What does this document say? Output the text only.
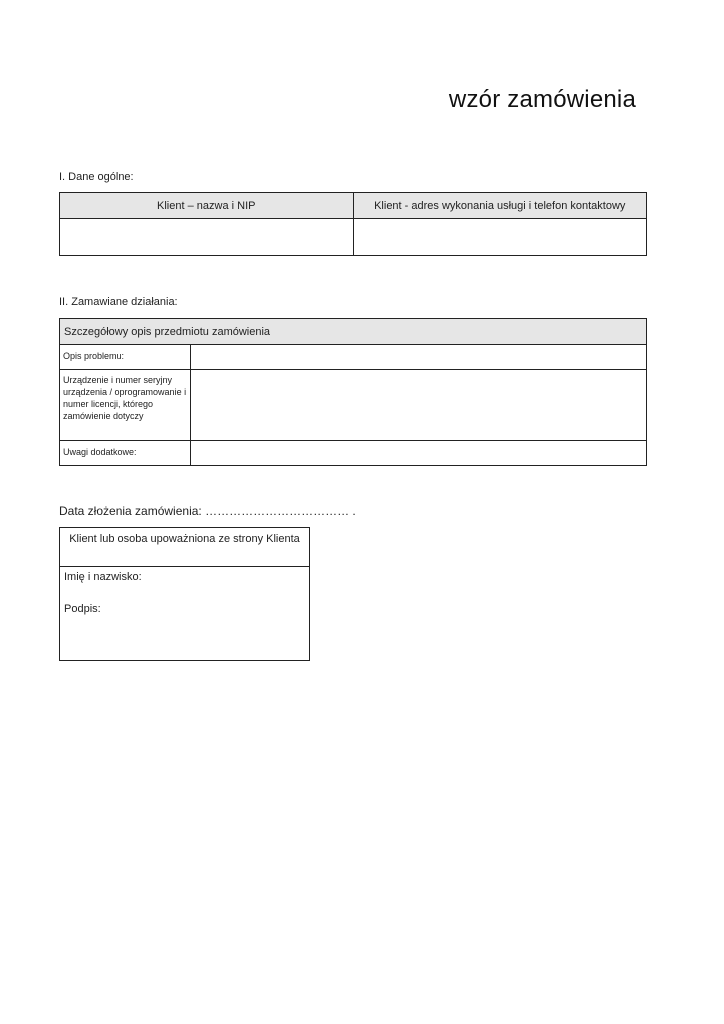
wzór zamówienia
I. Dane ogólne:
Klient – nazwa i NIP	Klient - adres wykonania usługi i telefon kontaktowy

II. Zamawiane działania:
Szczegółowy opis przedmiotu zamówienia	
Opis problemu:	
Urządzenie i numer seryjny urządzenia / oprogramowanie i numer licencji, którego zamówienie dotyczy	
Uwagi dodatkowe:	
Data złożenia zamówienia: ……………………………… .
Klient lub osoba upoważniona ze strony Klienta

Imię i nazwisko:
Podpis:
